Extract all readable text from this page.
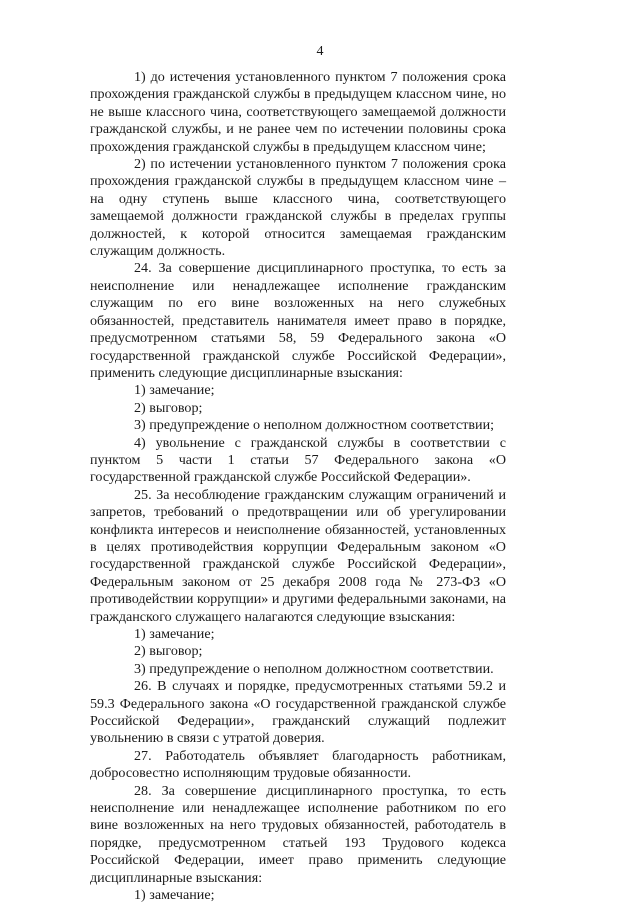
4

1) до истечения установленного пунктом 7 положения срока прохождения гражданской службы в предыдущем классном чине, но не выше классного чина, соответствующего замещаемой должности гражданской службы, и не ранее чем по истечении половины срока прохождения гражданской службы в предыдущем классном чине;

2) по истечении установленного пунктом 7 положения срока прохождения гражданской службы в предыдущем классном чине – на одну ступень выше классного чина, соответствующего замещаемой должности гражданской службы в пределах группы должностей, к которой относится замещаемая гражданским служащим должность.

24. За совершение дисциплинарного проступка, то есть за неисполнение или ненадлежащее исполнение гражданским служащим по его вине возложенных на него служебных обязанностей, представитель нанимателя имеет право в порядке, предусмотренном статьями 58, 59 Федерального закона «О государственной гражданской службе Российской Федерации», применить следующие дисциплинарные взыскания:

1) замечание;

2) выговор;

3) предупреждение о неполном должностном соответствии;

4) увольнение с гражданской службы в соответствии с пунктом 5 части 1 статьи 57 Федерального закона «О государственной гражданской службе Российской Федерации».

25. За несоблюдение гражданским служащим ограничений и запретов, требований о предотвращении или об урегулировании конфликта интересов и неисполнение обязанностей, установленных в целях противодействия коррупции Федеральным законом «О государственной гражданской службе Российской Федерации», Федеральным законом от 25 декабря 2008 года № 273-ФЗ «О противодействии коррупции» и другими федеральными законами, на гражданского служащего налагаются следующие взыскания:

1) замечание;

2) выговор;

3) предупреждение о неполном должностном соответствии.

26. В случаях и порядке, предусмотренных статьями 59.2 и 59.3 Федерального закона «О государственной гражданской службе Российской Федерации», гражданский служащий подлежит увольнению в связи с утратой доверия.

27. Работодатель объявляет благодарность работникам, добросовестно исполняющим трудовые обязанности.

28. За совершение дисциплинарного проступка, то есть неисполнение или ненадлежащее исполнение работником по его вине возложенных на него трудовых обязанностей, работодатель в порядке, предусмотренном статьей 193 Трудового кодекса Российской Федерации, имеет право применить следующие дисциплинарные взыскания:

1) замечание;
